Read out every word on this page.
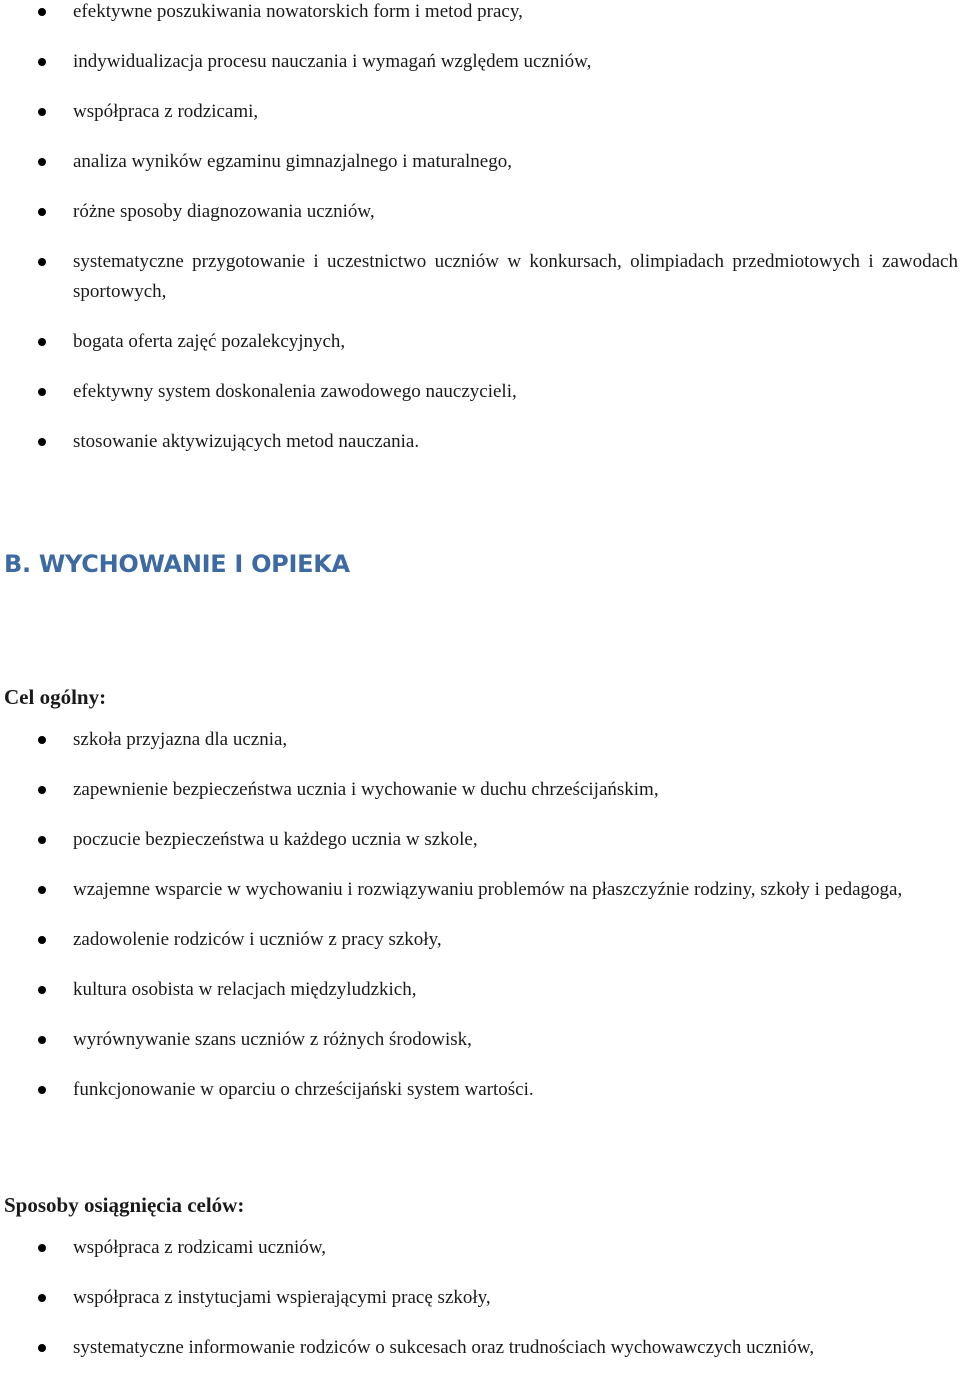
efektywne poszukiwania nowatorskich form i metod pracy,
indywidualizacja procesu nauczania i wymagań względem uczniów,
współpraca z rodzicami,
analiza wyników egzaminu gimnazjalnego i maturalnego,
różne sposoby diagnozowania uczniów,
systematyczne przygotowanie i uczestnictwo uczniów w konkursach, olimpiadach przedmiotowych i zawodach sportowych,
bogata oferta zajęć pozalekcyjnych,
efektywny system doskonalenia zawodowego nauczycieli,
stosowanie aktywizujących metod nauczania.
B. WYCHOWANIE I OPIEKA

Cel ogólny:

szkoła przyjazna dla ucznia,
zapewnienie bezpieczeństwa ucznia i wychowanie w duchu chrześcijańskim,
poczucie bezpieczeństwa u każdego ucznia w szkole,
wzajemne wsparcie w wychowaniu i rozwiązywaniu problemów na płaszczyźnie rodziny, szkoły i pedagoga,
zadowolenie rodziców i uczniów z pracy szkoły,
kultura osobista w relacjach międzyludzkich,
wyrównywanie szans uczniów z różnych środowisk,
funkcjonowanie w oparciu o chrześcijański system wartości.

Sposoby osiągnięcia celów:

współpraca z rodzicami uczniów,
współpraca z instytucjami wspierającymi pracę szkoły,
systematyczne informowanie rodziców o sukcesach oraz trudnościach wychowawczych uczniów,
